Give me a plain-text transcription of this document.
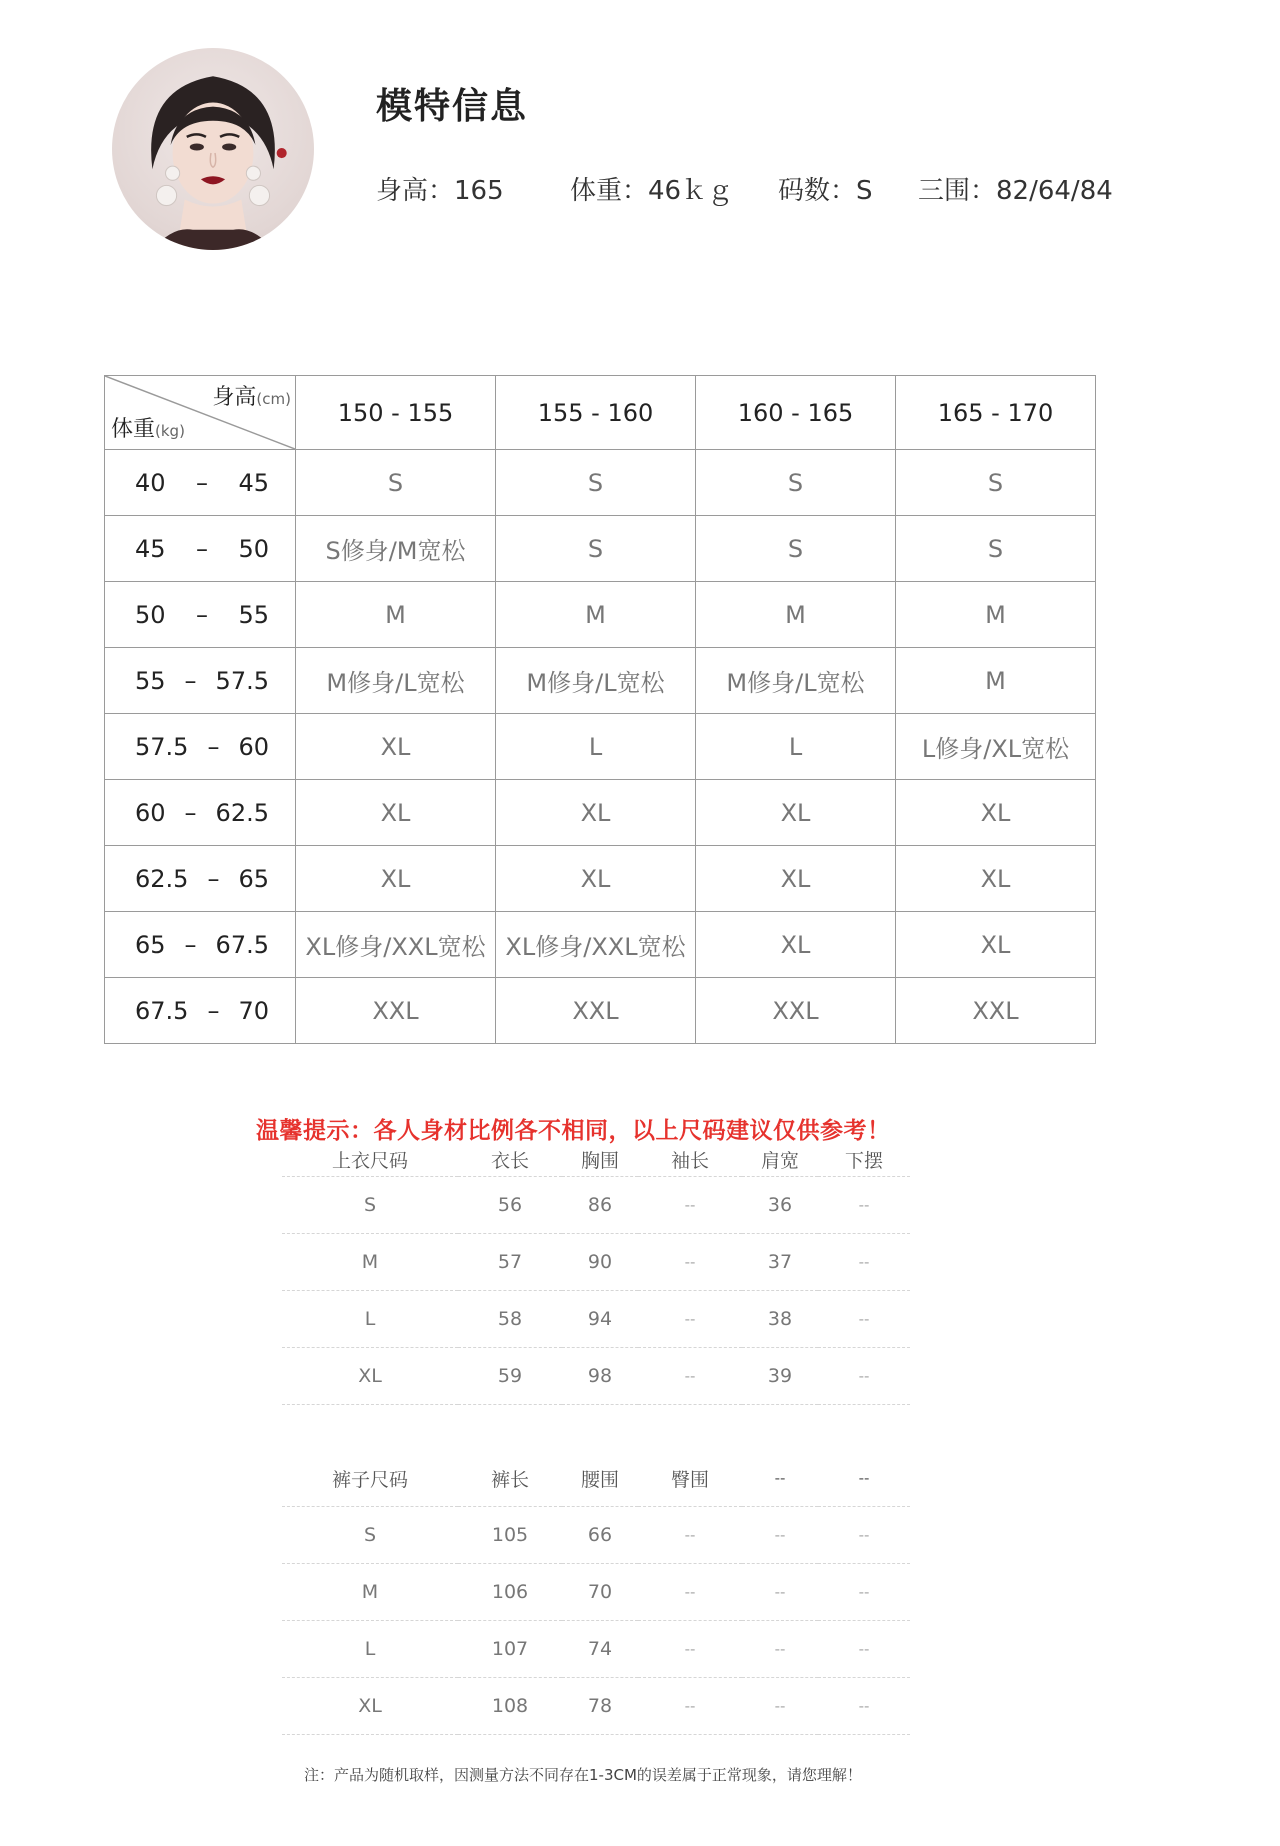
模特信息
身高：165	体重：46ｋｇ 码数：S 三围：82/64/84
身高(cm)
体重(kg)	150 - 155	155 - 160	160 - 165	165 - 170

40 – 45	S	S	S	S

45 – 50	S修身/M宽松	S	S	S

50 – 55	M	M	M	M

55 – 57.5	M修身/L宽松	M修身/L宽松	M修身/L宽松	M

57.5 – 60	XL	L	L	L修身/XL宽松

60 – 62.5	XL	XL	XL	XL

62.5 – 65	XL	XL	XL	XL

65 – 67.5	XL修身/XXL宽松	XL修身/XXL宽松	XL	XL

67.5 – 70	XXL	XXL	XXL	XXL
温馨提示：各人身材比例各不相同，以上尺码建议仅供参考！
上衣尺码	衣长	胸围	袖长	肩宽	下摆
S	56	86	--	36	--
M	57	90	--	37	--
L	58	94	--	38	--
XL	59	98	--	39	--
裤子尺码	裤长	腰围	臀围	--	--
S	105	66	--	--	--
M	106	70	--	--	--
L	107	74	--	--	--
XL	108	78	--	--	--
注：产品为随机取样，因测量方法不同存在1-3CM的误差属于正常现象，请您理解！
